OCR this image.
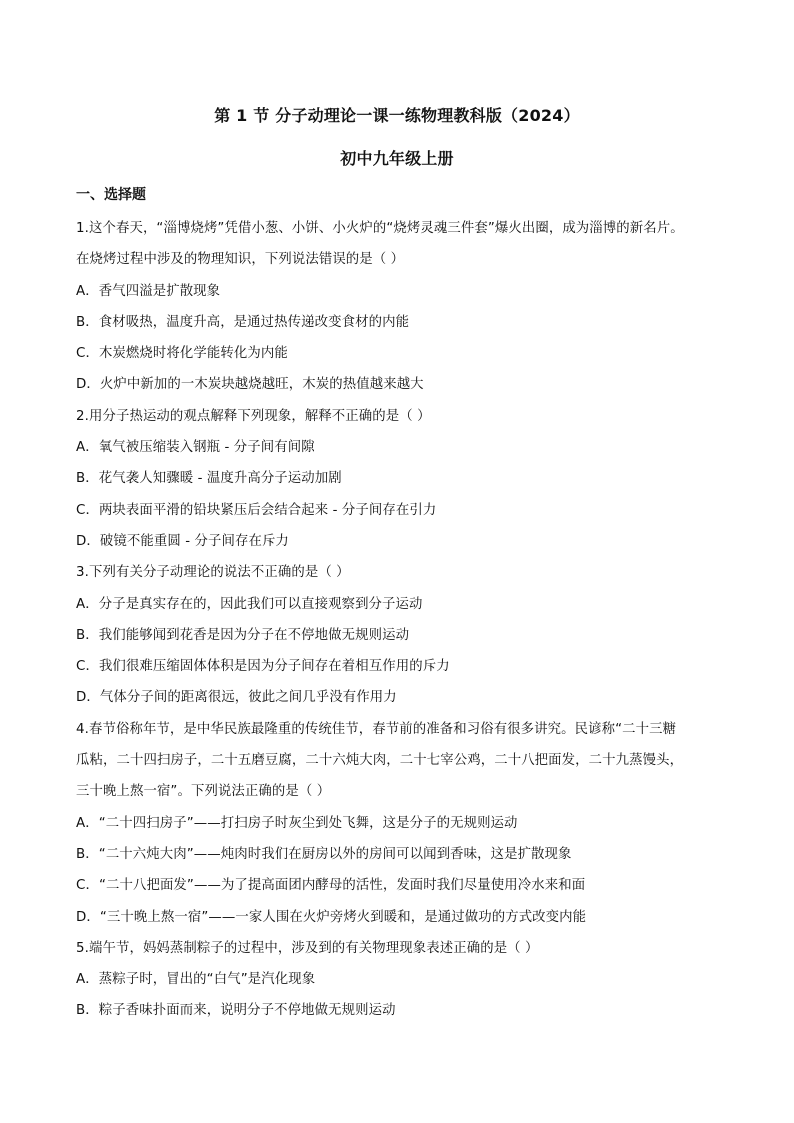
第 1 节 分子动理论一课一练物理教科版（2024）
初中九年级上册
一、选择题
1.这个春天，“淄博烧烤”凭借小葱、小饼、小火炉的“烧烤灵魂三件套”爆火出圈，成为淄博的新名片。
在烧烤过程中涉及的物理知识，下列说法错误的是（ ）
A．香气四溢是扩散现象
B．食材吸热，温度升高，是通过热传递改变食材的内能
C．木炭燃烧时将化学能转化为内能
D．火炉中新加的一木炭块越烧越旺，木炭的热值越来越大
2.用分子热运动的观点解释下列现象，解释不正确的是（ ）
A．氧气被压缩装入钢瓶 - 分子间有间隙
B．花气袭人知骤暖 - 温度升高分子运动加剧
C．两块表面平滑的铅块紧压后会结合起来 - 分子间存在引力
D．破镜不能重圆 - 分子间存在斥力
3.下列有关分子动理论的说法不正确的是（ ）
A．分子是真实存在的，因此我们可以直接观察到分子运动
B．我们能够闻到花香是因为分子在不停地做无规则运动
C．我们很难压缩固体体积是因为分子间存在着相互作用的斥力
D．气体分子间的距离很远，彼此之间几乎没有作用力
4.春节俗称年节，是中华民族最隆重的传统佳节，春节前的准备和习俗有很多讲究。民谚称“二十三糖
瓜粘，二十四扫房子，二十五磨豆腐，二十六炖大肉，二十七宰公鸡，二十八把面发，二十九蒸馒头，
三十晚上熬一宿”。下列说法正确的是（ ）
A．“二十四扫房子”——打扫房子时灰尘到处飞舞，这是分子的无规则运动
B．“二十六炖大肉”——炖肉时我们在厨房以外的房间可以闻到香味，这是扩散现象
C．“二十八把面发”——为了提高面团内酵母的活性，发面时我们尽量使用冷水来和面
D．“三十晚上熬一宿”——一家人围在火炉旁烤火到暖和，是通过做功的方式改变内能
5.端午节，妈妈蒸制粽子的过程中，涉及到的有关物理现象表述正确的是（ ）
A．蒸粽子时，冒出的“白气”是汽化现象
B．粽子香味扑面而来，说明分子不停地做无规则运动
